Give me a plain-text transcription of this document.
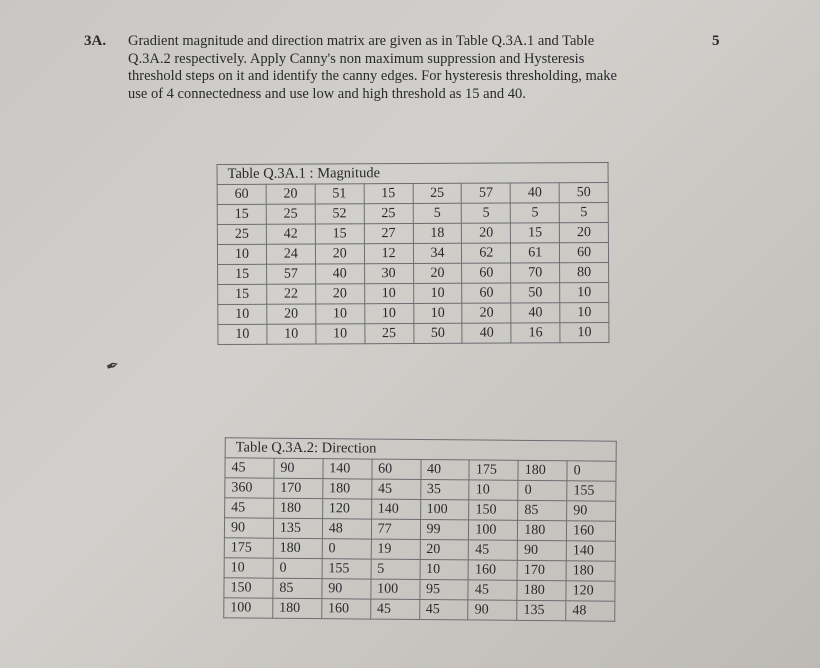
3A. Gradient magnitude and direction matrix are given as in Table Q.3A.1 and Table
Q.3A.2 respectively. Apply Canny's non maximum suppression and Hysteresis
threshold steps on it and identify the canny edges. For hysteresis thresholding, make
use of 4 connectedness and use low and high threshold as 15 and 40.
5
✒
Table Q.3A.1 : Magnitude							
60	20	51	15	25	57	40	50
15	25	52	25	5	5	5	5
25	42	15	27	18	20	15	20
10	24	20	12	34	62	61	60
15	57	40	30	20	60	70	80
15	22	20	10	10	60	50	10
10	20	10	10	10	20	40	10
10	10	10	25	50	40	16	10
Table Q.3A.2: Direction							
45	90	140	60	40	175	180	0
360	170	180	45	35	10	0	155
45	180	120	140	100	150	85	90
90	135	48	77	99	100	180	160
175	180	0	19	20	45	90	140
10	0	155	5	10	160	170	180
150	85	90	100	95	45	180	120
100	180	160	45	45	90	135	48
